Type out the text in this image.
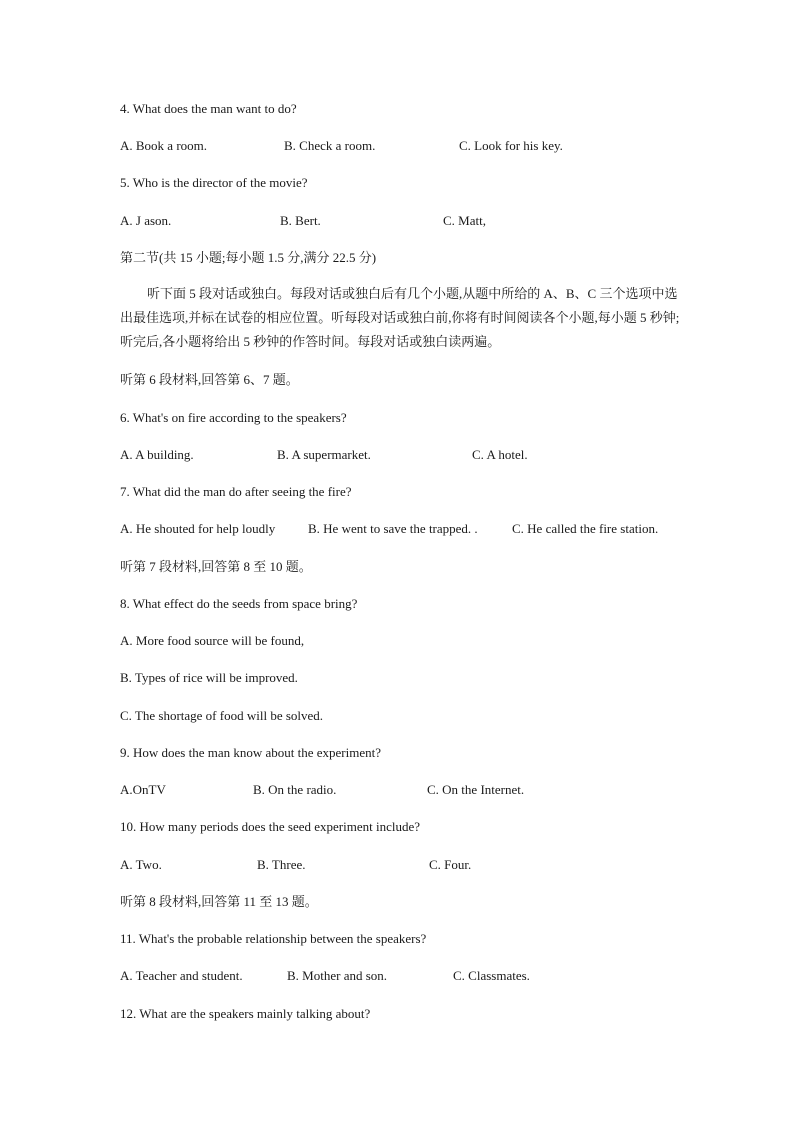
4. What does the man want to do?
A. Book a room.	B. Check a room.	C. Look for his key.
5. Who is the director of the movie?
A. J ason.	B. Bert.	C. Matt,
第二节(共 15 小题;每小题 1.5 分,满分 22.5 分)
听下面 5 段对话或独白。每段对话或独白后有几个小题,从题中所给的 A、B、C 三个选项中选出最佳选项,并标在试卷的相应位置。听每段对话或独白前,你将有时间阅读各个小题,每小题 5 秒钟;听完后,各小题将给出 5 秒钟的作答时间。每段对话或独白读两遍。
听第 6 段材料,回答第 6、7 题。
6. What's on fire according to the speakers?
A. A building.	B. A supermarket.	C. A hotel.
7. What did the man do after seeing the fire?
A. He shouted for help loudly	B. He went to save the trapped. .	C. He called the fire station.
听第 7 段材料,回答第 8 至 10 题。
8. What effect do the seeds from space bring?
A. More food source will be found,
B. Types of rice will be improved.
C. The shortage of food will be solved.
9. How does the man know about the experiment?
A.OnTV	B. On the radio.	C. On the Internet.
10. How many periods does the seed experiment include?
A. Two.	B. Three.	C. Four.
听第 8 段材料,回答第 11 至 13 题。
11. What's the probable relationship between the speakers?
A. Teacher and student.	B. Mother and son.	C. Classmates.
12. What are the speakers mainly talking about?
